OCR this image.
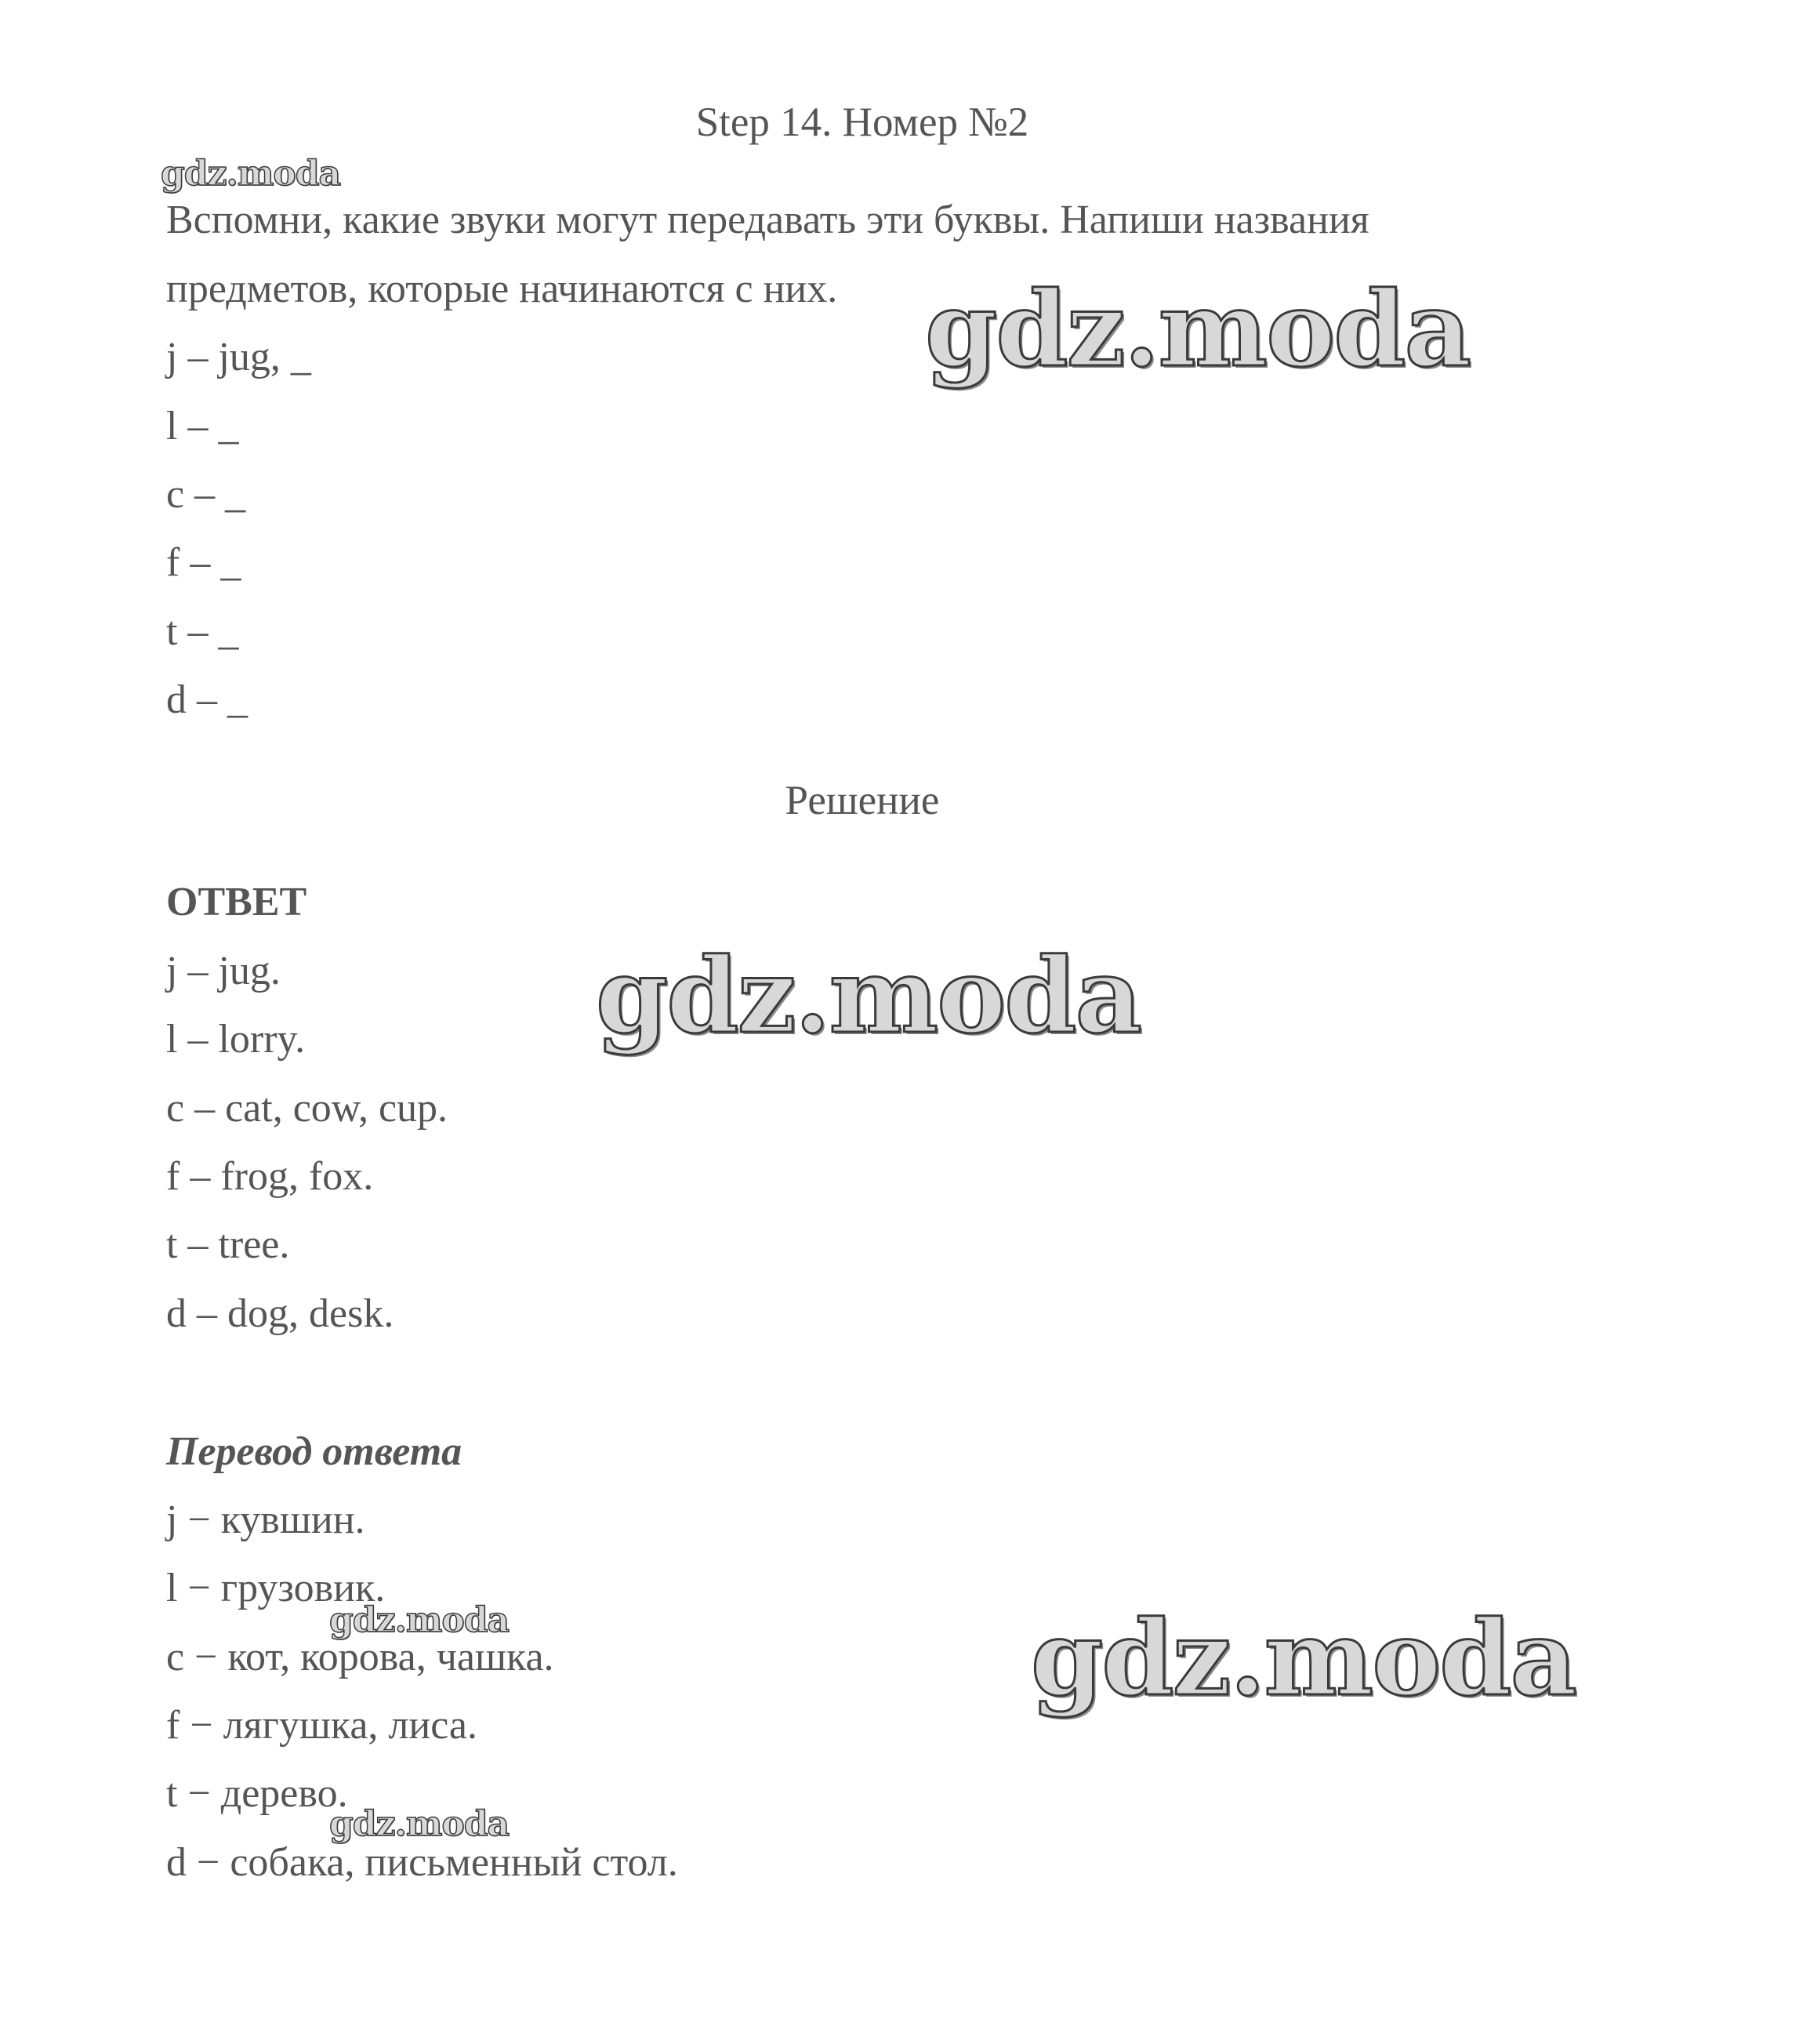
Step 14. Номер №2
Вспомни, какие звуки могут передавать эти буквы. Напиши названия
предметов, которые начинаются с них.
j – jug, _
l – _
c – _
f – _
t – _
d – _
Решение
ОТВЕТ
j – jug.
l – lorry.
c – cat, cow, cup.
f – frog, fox.
t – tree.
d – dog, desk.
Перевод ответа
j − кувшин.
l − грузовик.
c − кот, корова, чашка.
f − лягушка, лиса.
t − дерево.
d − собака, письменный стол.
gdz.moda
gdz.moda
gdz.moda
gdz.moda	gdz.moda
gdz.moda
